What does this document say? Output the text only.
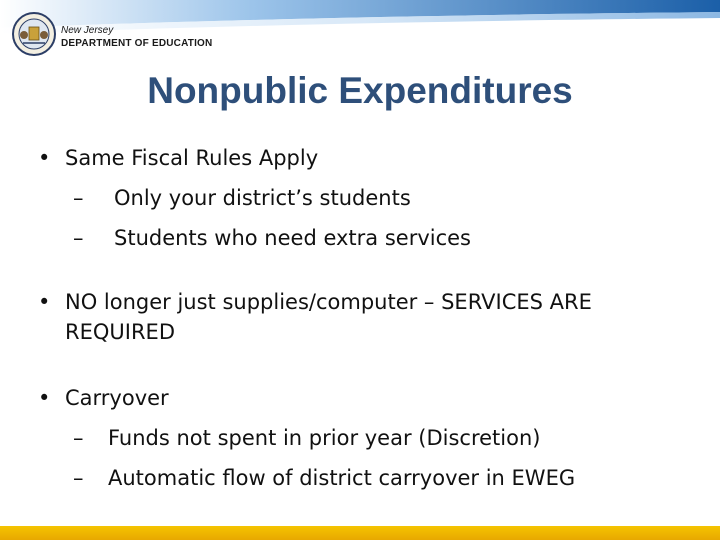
New Jersey
DEPARTMENT OF EDUCATION
Nonpublic Expenditures
• Same Fiscal Rules Apply
– Only your district’s students
– Students who need extra services
• NO longer just supplies/computer – SERVICES ARE REQUIRED
• Carryover
– Funds not spent in prior year (Discretion)
– Automatic flow of district carryover in EWEG
